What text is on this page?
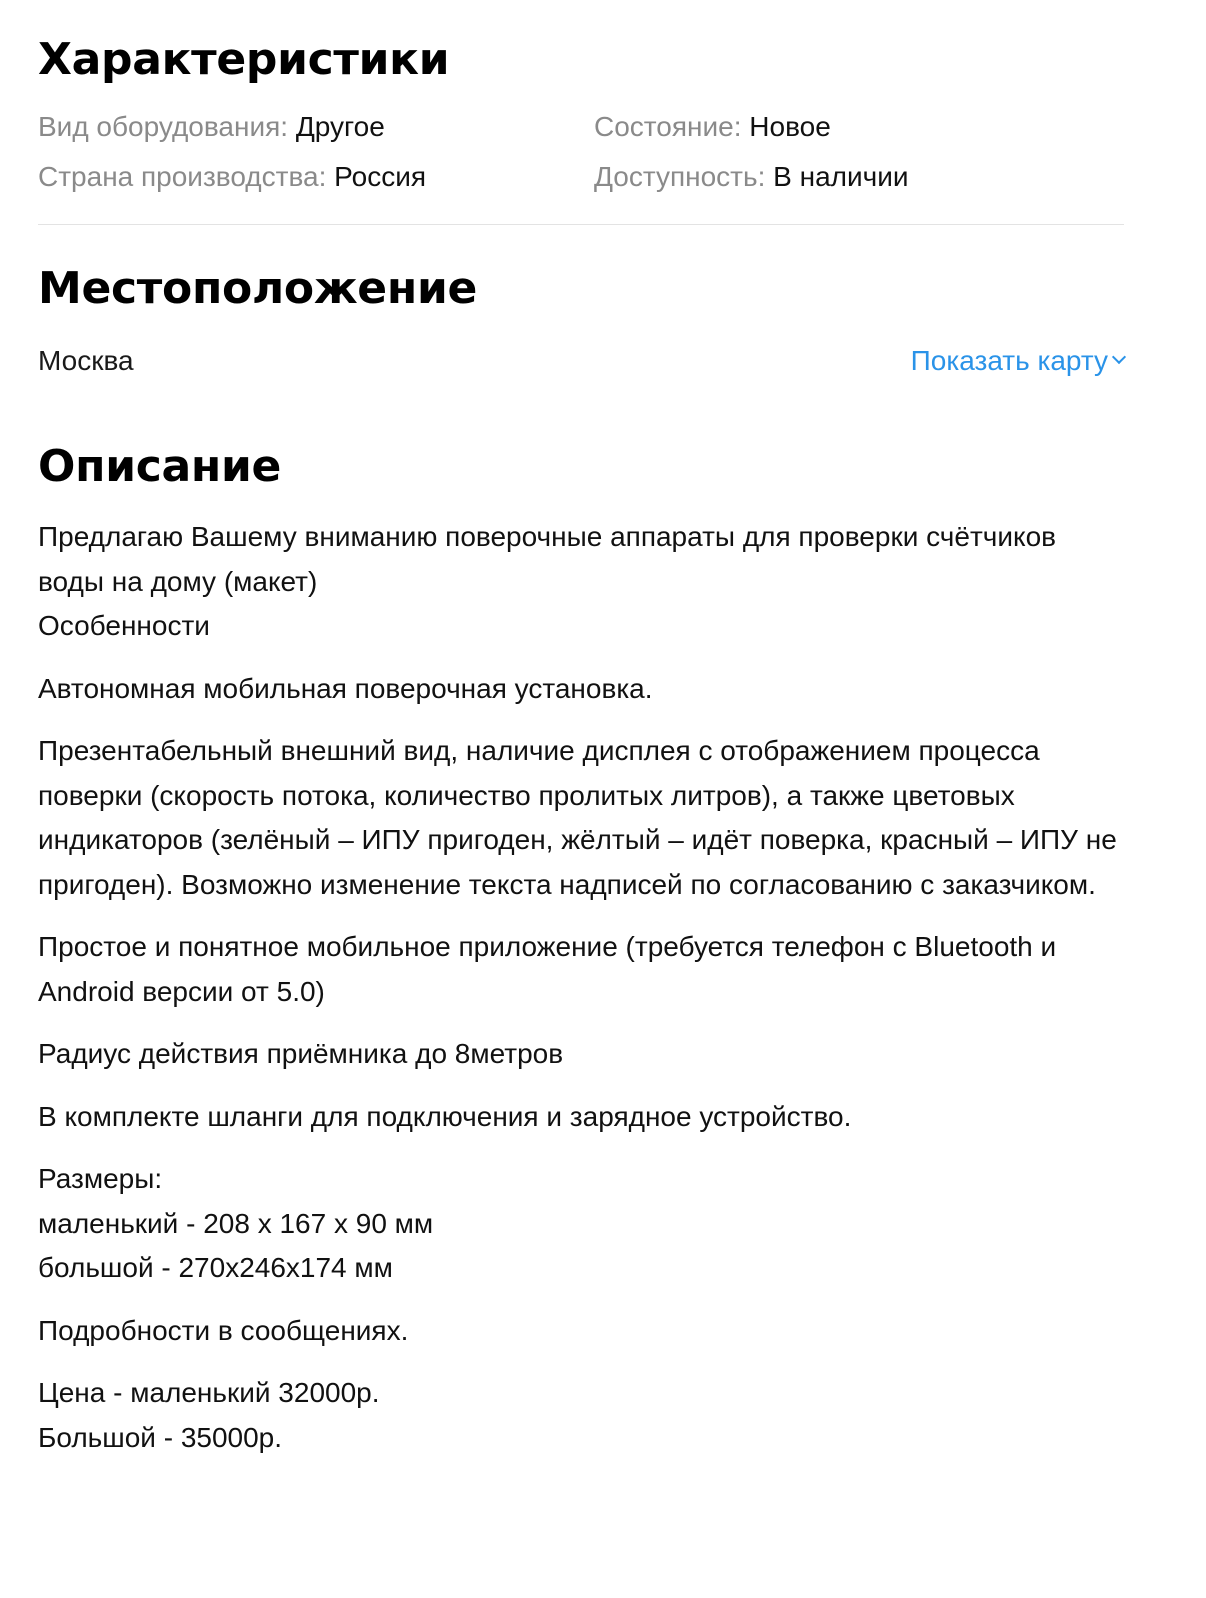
Характеристики
Вид оборудования: Другое	Состояние: Новое
Страна производства: Россия	Доступность: В наличии
Местоположение
Москва	Показать карту
Описание

Предлагаю Вашему вниманию поверочные аппараты для проверки счётчиков воды на дому (макет)
Особенности

Автономная мобильная поверочная установка.

Презентабельный внешний вид, наличие дисплея с отображением процесса поверки (скорость потока, количество пролитых литров), а также цветовых индикаторов (зелёный – ИПУ пригоден, жёлтый – идёт поверка, красный – ИПУ не пригоден). Возможно изменение текста надписей по согласованию с заказчиком.

Простое и понятное мобильное приложение (требуется телефон с Bluetooth и Android версии от 5.0)

Радиус действия приёмника до 8метров

В комплекте шланги для подключения и зарядное устройство.

Размеры:
маленький - 208 x 167 x 90 мм
большой - 270x246x174 мм

Подробности в сообщениях.

Цена - маленький 32000р.
Большой - 35000р.
